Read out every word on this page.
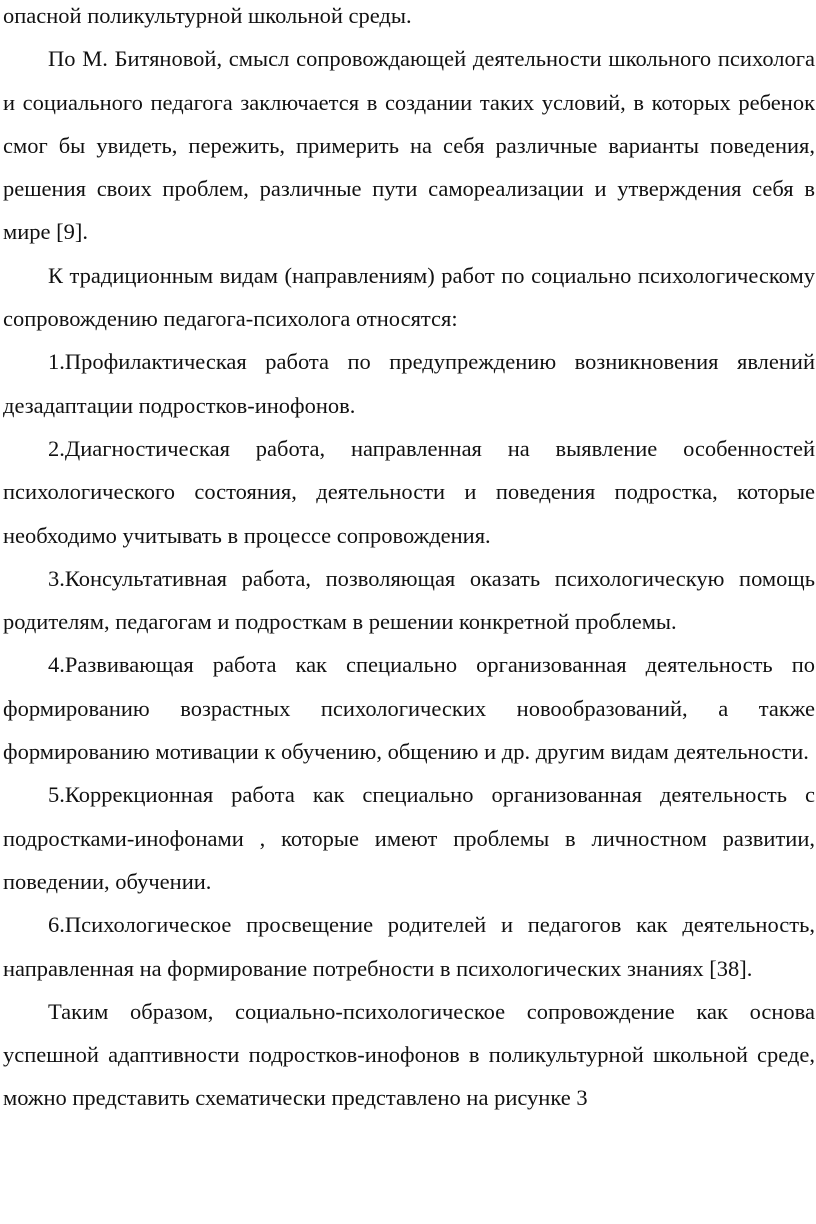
опасной поликультурной школьной среды.

По М. Битяновой, смысл сопровождающей деятельности школьного психолога и социального педагога заключается в создании таких условий, в которых ребенок смог бы увидеть, пережить, примерить на себя различные варианты поведения, решения своих проблем, различные пути самореализации и утверждения себя в мире [9].

К традиционным видам (направлениям) работ по социально психологическому сопровождению педагога-психолога относятся:

1.Профилактическая работа по предупреждению возникновения явлений дезадаптации подростков-инофонов.

2.Диагностическая работа, направленная на выявление особенностей психологического состояния, деятельности и поведения подростка, которые необходимо учитывать в процессе сопровождения.

3.Консультативная работа, позволяющая оказать психологическую помощь родителям, педагогам и подросткам в решении конкретной проблемы.

4.Развивающая работа как специально организованная деятельность по формированию возрастных психологических новообразований, а также формированию мотивации к обучению, общению и др. другим видам деятельности.

5.Коррекционная работа как специально организованная деятельность с подростками-инофонами , которые имеют проблемы в личностном развитии, поведении, обучении.

6.Психологическое просвещение родителей и педагогов как деятельность, направленная на формирование потребности в психологических знаниях [38].

Таким образом, социально-психологическое сопровождение как основа успешной адаптивности подростков-инофонов в поликультурной школьной среде, можно представить схематически представлено на рисунке 3
